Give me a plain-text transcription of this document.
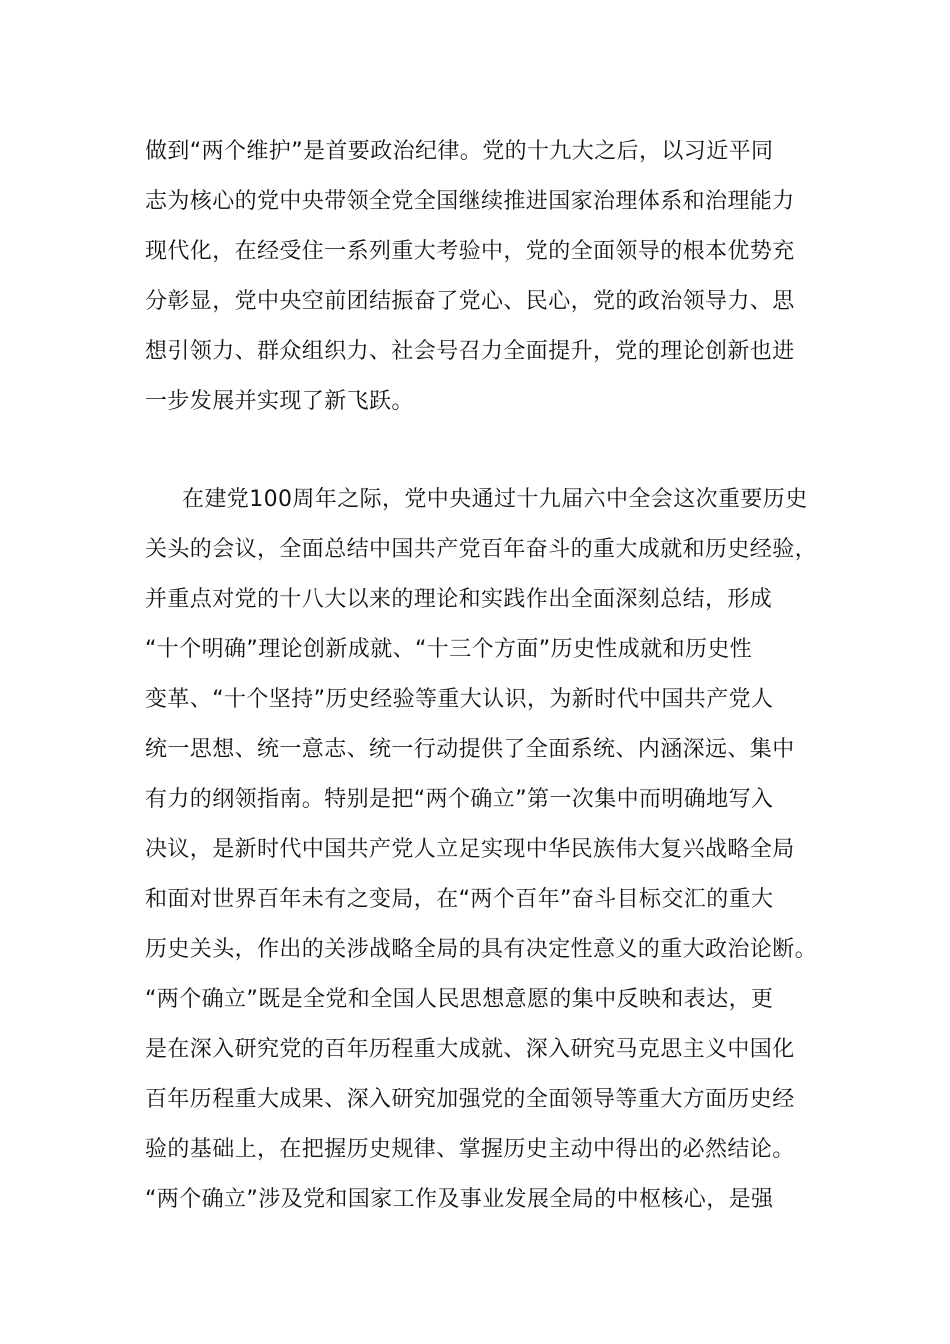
做到“两个维护”是首要政治纪律。党的十九大之后，以习近平同
志为核心的党中央带领全党全国继续推进国家治理体系和治理能力
现代化，在经受住一系列重大考验中，党的全面领导的根本优势充
分彰显，党中央空前团结振奋了党心、民心，党的政治领导力、思
想引领力、群众组织力、社会号召力全面提升，党的理论创新也进
一步发展并实现了新飞跃。
在建党100周年之际，党中央通过十九届六中全会这次重要历史
关头的会议，全面总结中国共产党百年奋斗的重大成就和历史经验，
并重点对党的十八大以来的理论和实践作出全面深刻总结，形成
“十个明确”理论创新成就、“十三个方面”历史性成就和历史性
变革、“十个坚持”历史经验等重大认识，为新时代中国共产党人
统一思想、统一意志、统一行动提供了全面系统、内涵深远、集中
有力的纲领指南。特别是把“两个确立”第一次集中而明确地写入
决议，是新时代中国共产党人立足实现中华民族伟大复兴战略全局
和面对世界百年未有之变局，在“两个百年”奋斗目标交汇的重大
历史关头，作出的关涉战略全局的具有决定性意义的重大政治论断。
“两个确立”既是全党和全国人民思想意愿的集中反映和表达，更
是在深入研究党的百年历程重大成就、深入研究马克思主义中国化
百年历程重大成果、深入研究加强党的全面领导等重大方面历史经
验的基础上，在把握历史规律、掌握历史主动中得出的必然结论。
“两个确立”涉及党和国家工作及事业发展全局的中枢核心，是强
